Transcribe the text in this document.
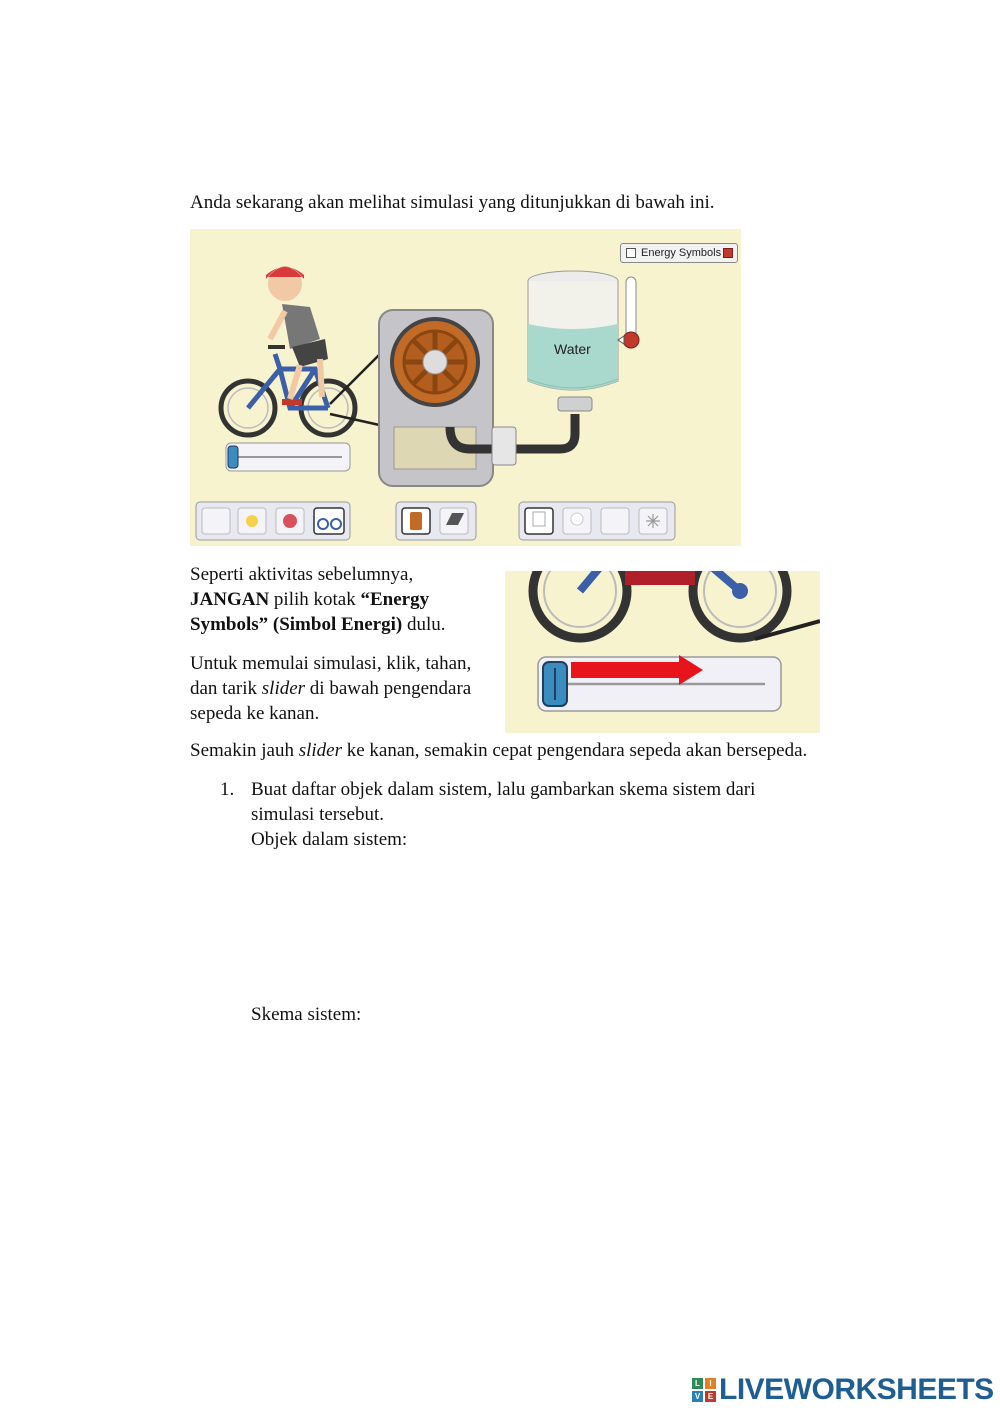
Anda sekarang akan melihat simulasi yang ditunjukkan di bawah ini.
Energy Symbols
Water
Seperti aktivitas sebelumnya,
JANGAN pilih kotak “Energy
Symbols” (Simbol Energi) dulu.
Untuk memulai simulasi, klik, tahan,
dan tarik slider di bawah pengendara
sepeda ke kanan.
Semakin jauh slider ke kanan, semakin cepat pengendara sepeda akan bersepeda.
1. Buat daftar objek dalam sistem, lalu gambarkan skema sistem dari
simulasi tersebut.
Objek dalam sistem:
Skema sistem:
L	I
V E LIVEWORKSHEETS
